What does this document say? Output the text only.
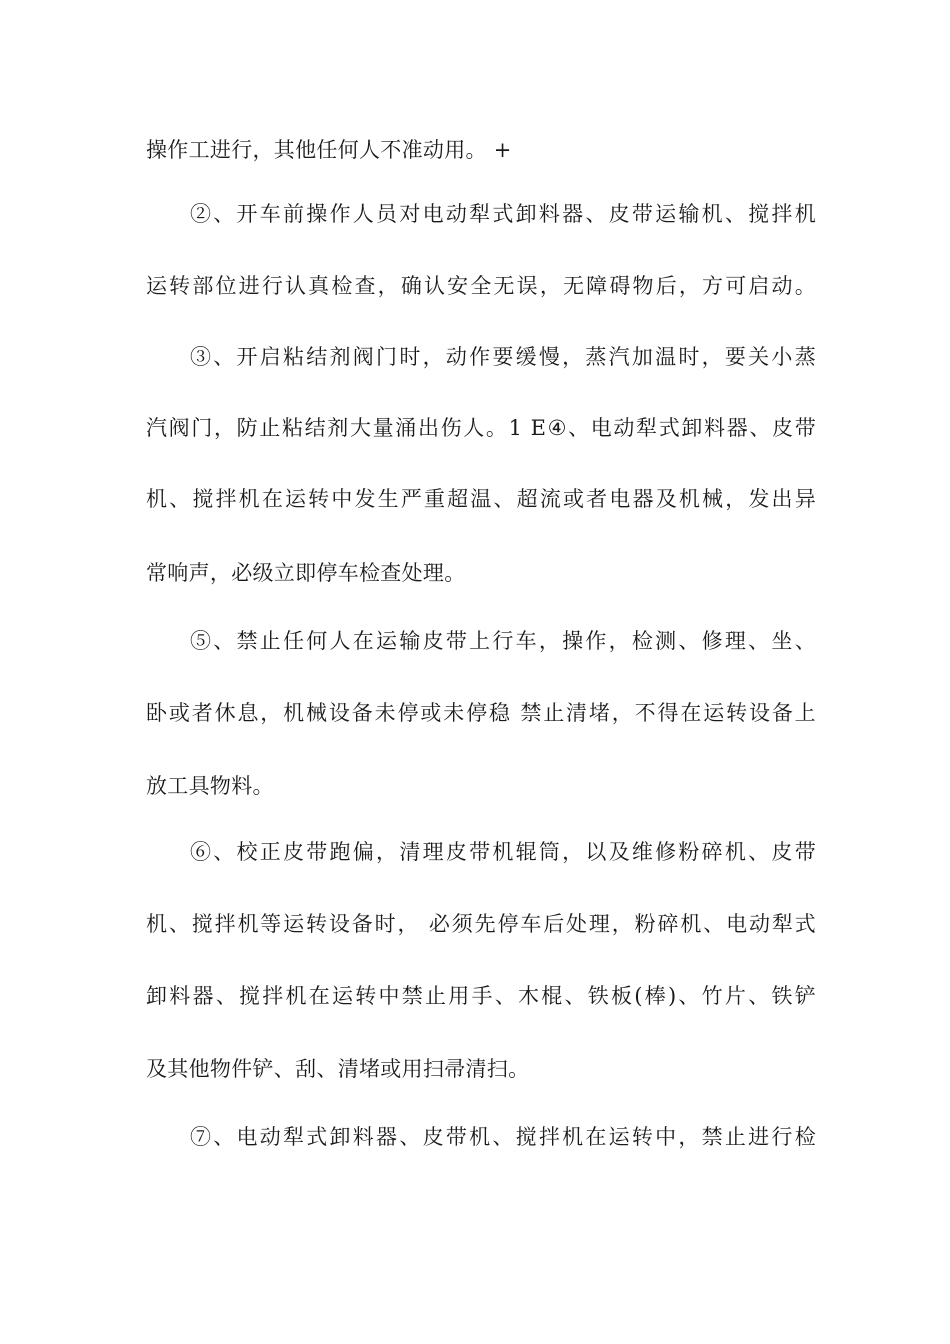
操作工进行，其他任何人不准动用。 +
②、开车前操作人员对电动犁式卸料器、皮带运输机、搅拌机
运转部位进行认真检查，确认安全无误，无障碍物后，方可启动。
③、开启粘结剂阀门时，动作要缓慢，蒸汽加温时，要关小蒸
汽阀门，防止粘结剂大量涌出伤人。1 E④、电动犁式卸料器、皮带
机、搅拌机在运转中发生严重超温、超流或者电器及机械，发出异
常响声，必级立即停车检查处理。
⑤、禁止任何人在运输皮带上行车，操作，检测、修理、坐、
卧或者休息，机械设备未停或未停稳 禁止清堵，不得在运转设备上
放工具物料。
⑥、校正皮带跑偏，清理皮带机辊筒，以及维修粉碎机、皮带
机、搅拌机等运转设备时， 必须先停车后处理，粉碎机、电动犁式
卸料器、搅拌机在运转中禁止用手、木棍、铁板(棒)、竹片、铁铲
及其他物件铲、刮、清堵或用扫帚清扫。
⑦、电动犁式卸料器、皮带机、搅拌机在运转中，禁止进行检
